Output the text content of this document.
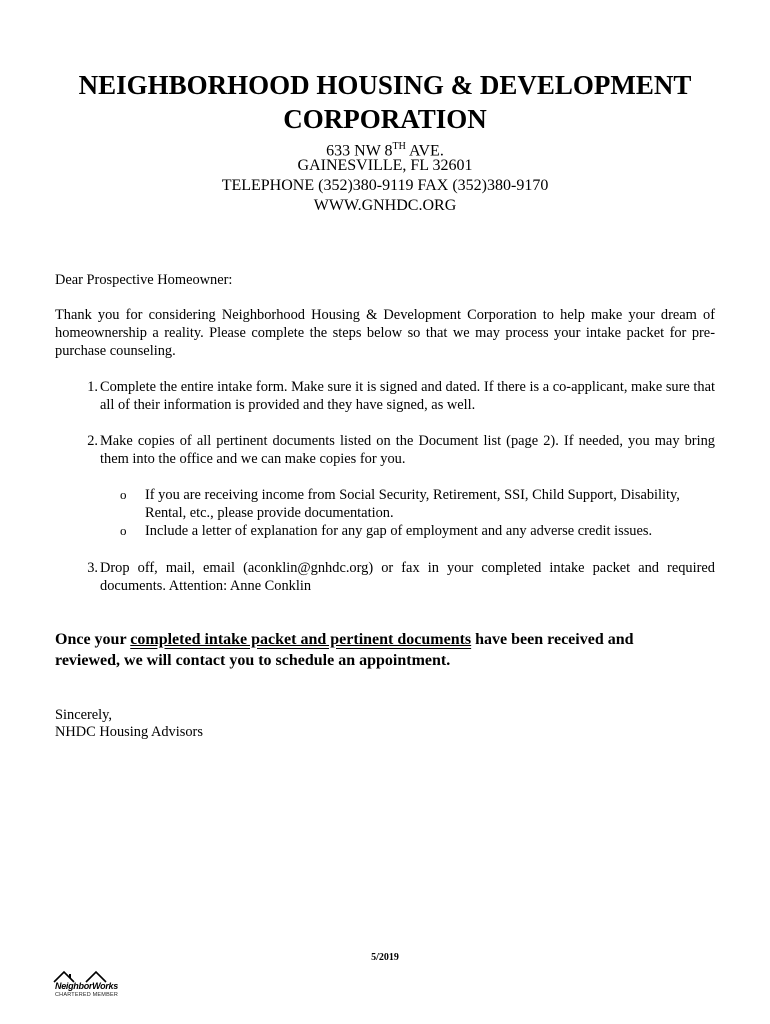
NEIGHBORHOOD HOUSING & DEVELOPMENT
CORPORATION
633 NW 8TH AVE.
GAINESVILLE, FL 32601
TELEPHONE (352)380-9119 FAX (352)380-9170
WWW.GNHDC.ORG
Dear Prospective Homeowner:
Thank you for considering Neighborhood Housing & Development Corporation to help make your dream of homeownership a reality. Please complete the steps below so that we may process your intake packet for pre-purchase counseling.
1. Complete the entire intake form. Make sure it is signed and dated. If there is a co-applicant, make sure that all of their information is provided and they have signed, as well.
2. Make copies of all pertinent documents listed on the Document list (page 2). If needed, you may bring them into the office and we can make copies for you.
o If you are receiving income from Social Security, Retirement, SSI, Child Support, Disability, Rental, etc., please provide documentation.
o Include a letter of explanation for any gap of employment and any adverse credit issues.
3. Drop off, mail, email (aconklin@gnhdc.org) or fax in your completed intake packet and required documents. Attention: Anne Conklin
Once your completed intake packet and pertinent documents have been received and reviewed, we will contact you to schedule an appointment.
Sincerely,
NHDC Housing Advisors
5/2019
NeighborWorks
CHARTERED MEMBER
